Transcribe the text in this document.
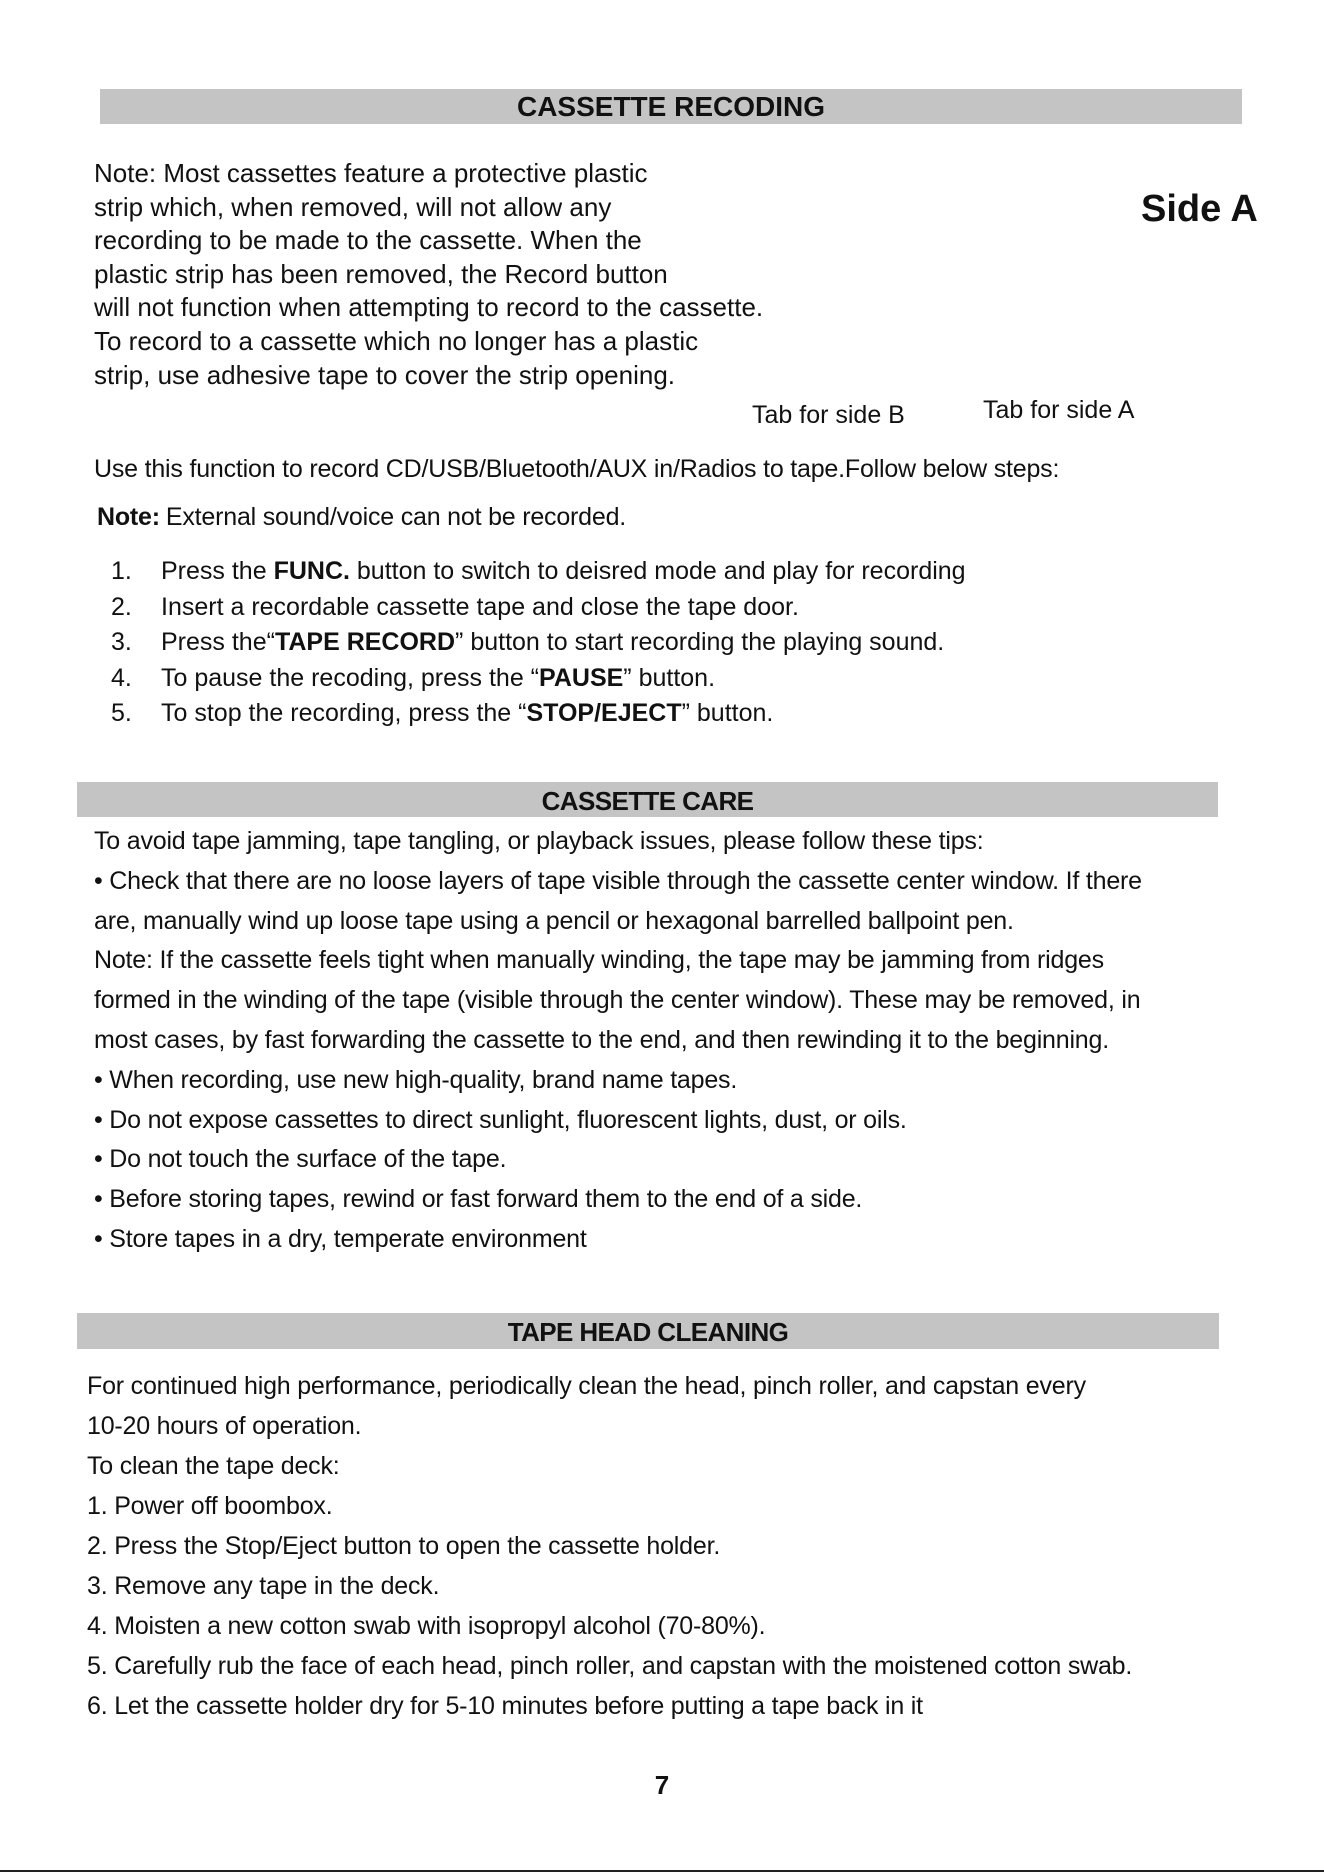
CASSETTE RECODING
Note: Most cassettes feature a protective plastic
strip which, when removed, will not allow any
recording to be made to the cassette. When the
plastic strip has been removed, the Record button
will not function when attempting to record to the cassette.
To record to a cassette which no longer has a plastic
strip, use adhesive tape to cover the strip opening.
Side A
Tab for side B	Tab for side A
Use this function to record CD/USB/Bluetooth/AUX in/Radios to tape.Follow below steps:
Note: External sound/voice can not be recorded.
1. Press the FUNC. button to switch to deisred mode and play for recording
2. Insert a recordable cassette tape and close the tape door.
3. Press the“TAPE RECORD” button to start recording the playing sound.
4. To pause the recoding, press the “PAUSE” button.
5. To stop the recording, press the “STOP/EJECT” button.
CASSETTE CARE
To avoid tape jamming, tape tangling, or playback issues, please follow these tips:
• Check that there are no loose layers of tape visible through the cassette center window. If there
are, manually wind up loose tape using a pencil or hexagonal barrelled ballpoint pen.
Note: If the cassette feels tight when manually winding, the tape may be jamming from ridges
formed in the winding of the tape (visible through the center window). These may be removed, in
most cases, by fast forwarding the cassette to the end, and then rewinding it to the beginning.
• When recording, use new high-quality, brand name tapes.
• Do not expose cassettes to direct sunlight, fluorescent lights, dust, or oils.
• Do not touch the surface of the tape.
• Before storing tapes, rewind or fast forward them to the end of a side.
• Store tapes in a dry, temperate environment
TAPE HEAD CLEANING
For continued high performance, periodically clean the head, pinch roller, and capstan every
10-20 hours of operation.
To clean the tape deck:
1. Power off boombox.
2. Press the Stop/Eject button to open the cassette holder.
3. Remove any tape in the deck.
4. Moisten a new cotton swab with isopropyl alcohol (70-80%).
5. Carefully rub the face of each head, pinch roller, and capstan with the moistened cotton swab.
6. Let the cassette holder dry for 5-10 minutes before putting a tape back in it
7
